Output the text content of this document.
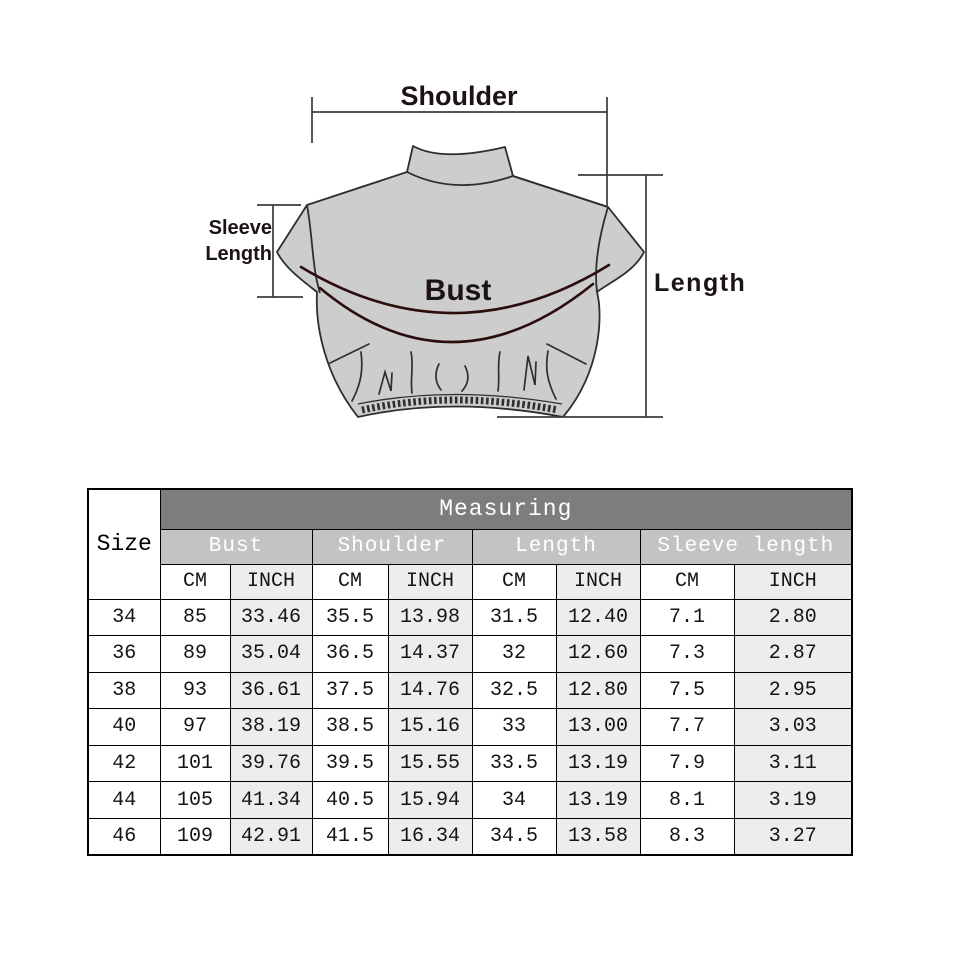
Shoulder
Sleeve
Length
Bust	Length
Size	Measuring							
	Bust		Shoulder		Length		Sleeve length	
	CM	INCH	CM	INCH	CM	INCH	CM	INCH
34	85	33.46	35.5	13.98	31.5	12.40	7.1	2.80
36	89	35.04	36.5	14.37	32	12.60	7.3	2.87
38	93	36.61	37.5	14.76	32.5	12.80	7.5	2.95
40	97	38.19	38.5	15.16	33	13.00	7.7	3.03
42	101	39.76	39.5	15.55	33.5	13.19	7.9	3.11
44	105	41.34	40.5	15.94	34	13.19	8.1	3.19
46	109	42.91	41.5	16.34	34.5	13.58	8.3	3.27
